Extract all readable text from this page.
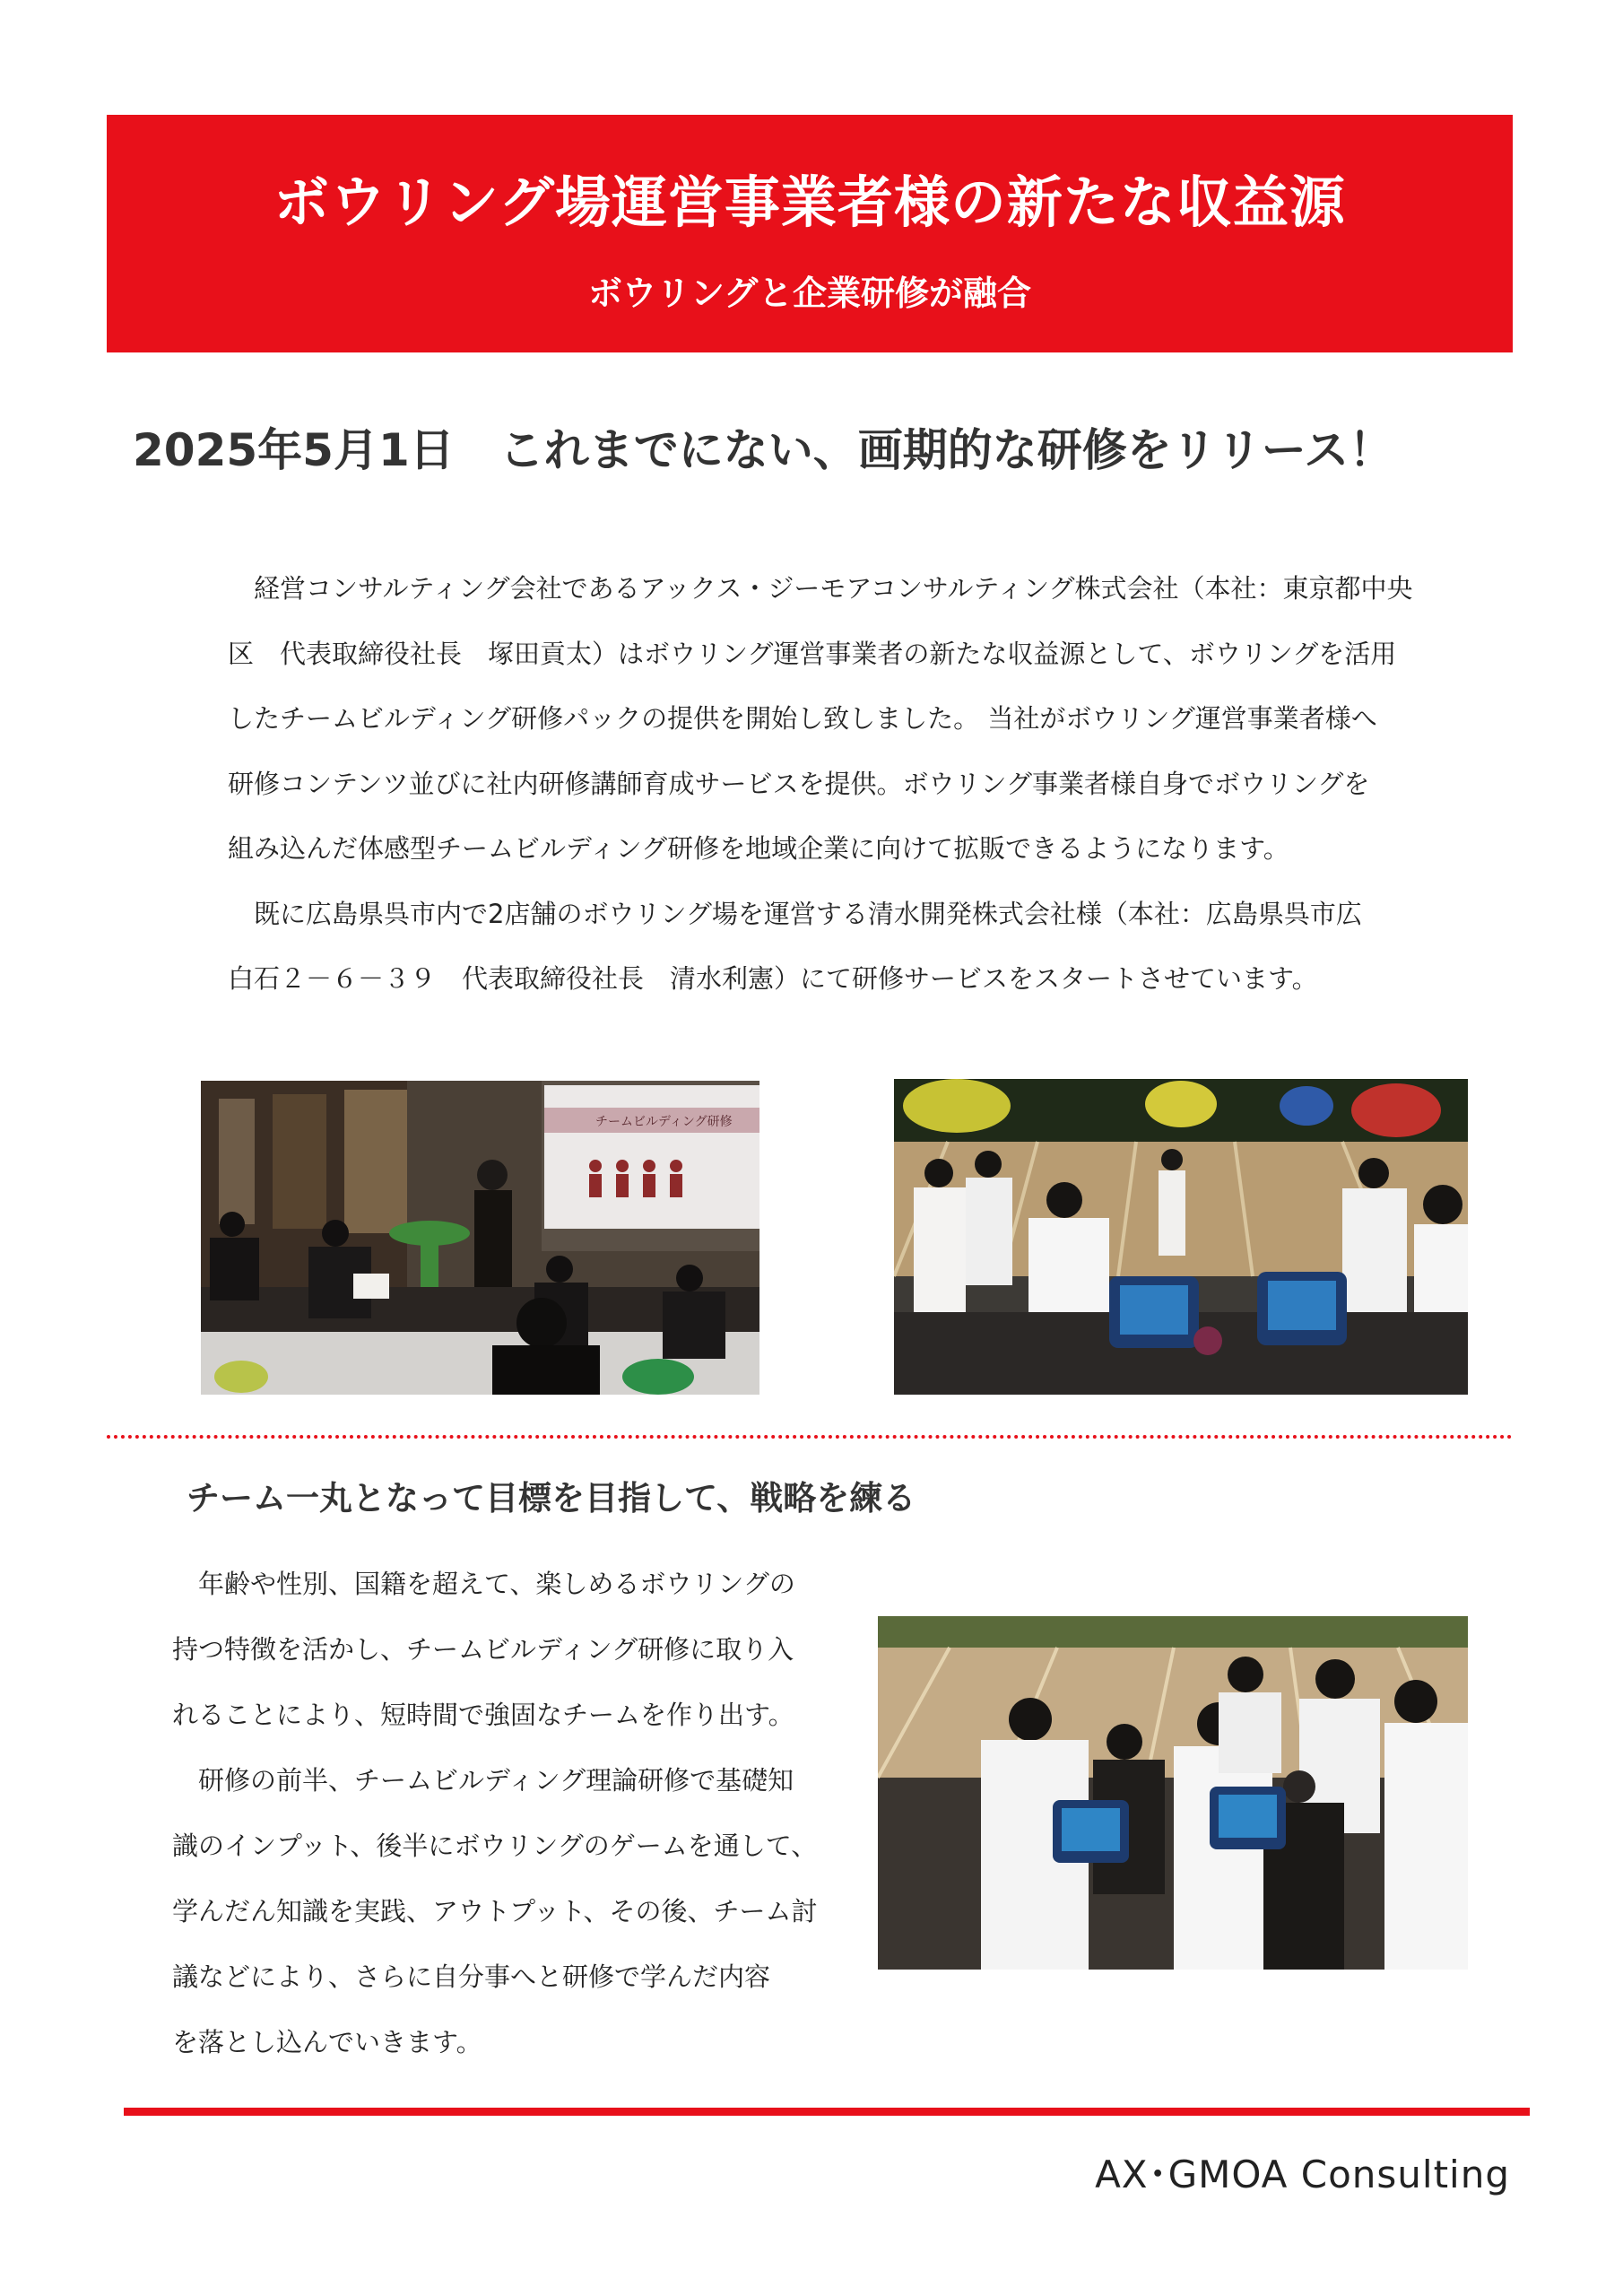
ボウリング場運営事業者様の新たな収益源
ボウリングと企業研修が融合
2025年5月1日　これまでにない、画期的な研修をリリース！

　経営コンサルティング会社であるアックス・ジーモアコンサルティング株式会社（本社：東京都中央

区　代表取締役社長　塚田貢太）はボウリング運営事業者の新たな収益源として、ボウリングを活用

したチームビルディング研修パックの提供を開始し致しました。 当社がボウリング運営事業者様へ

研修コンテンツ並びに社内研修講師育成サービスを提供。ボウリング事業者様自身でボウリングを

組み込んだ体感型チームビルディング研修を地域企業に向けて拡販できるようになります。

　既に広島県呉市内で2店舗のボウリング場を運営する清水開発株式会社様（本社：広島県呉市広

白石２－６－３９　代表取締役社長　清水利憲）にて研修サービスをスタートさせています。

チームビルディング研修
チーム一丸となって目標を目指して、戦略を練る

　年齢や性別、国籍を超えて、楽しめるボウリングの

持つ特徴を活かし、チームビルディング研修に取り入

れることにより、短時間で強固なチームを作り出す。

　研修の前半、チームビルディング理論研修で基礎知

識のインプット、後半にボウリングのゲームを通して、

学んだん知識を実践、アウトプット、その後、チーム討

議などにより、さらに自分事へと研修で学んだ内容

を落とし込んでいきます。

AX･GMOA Consulting
